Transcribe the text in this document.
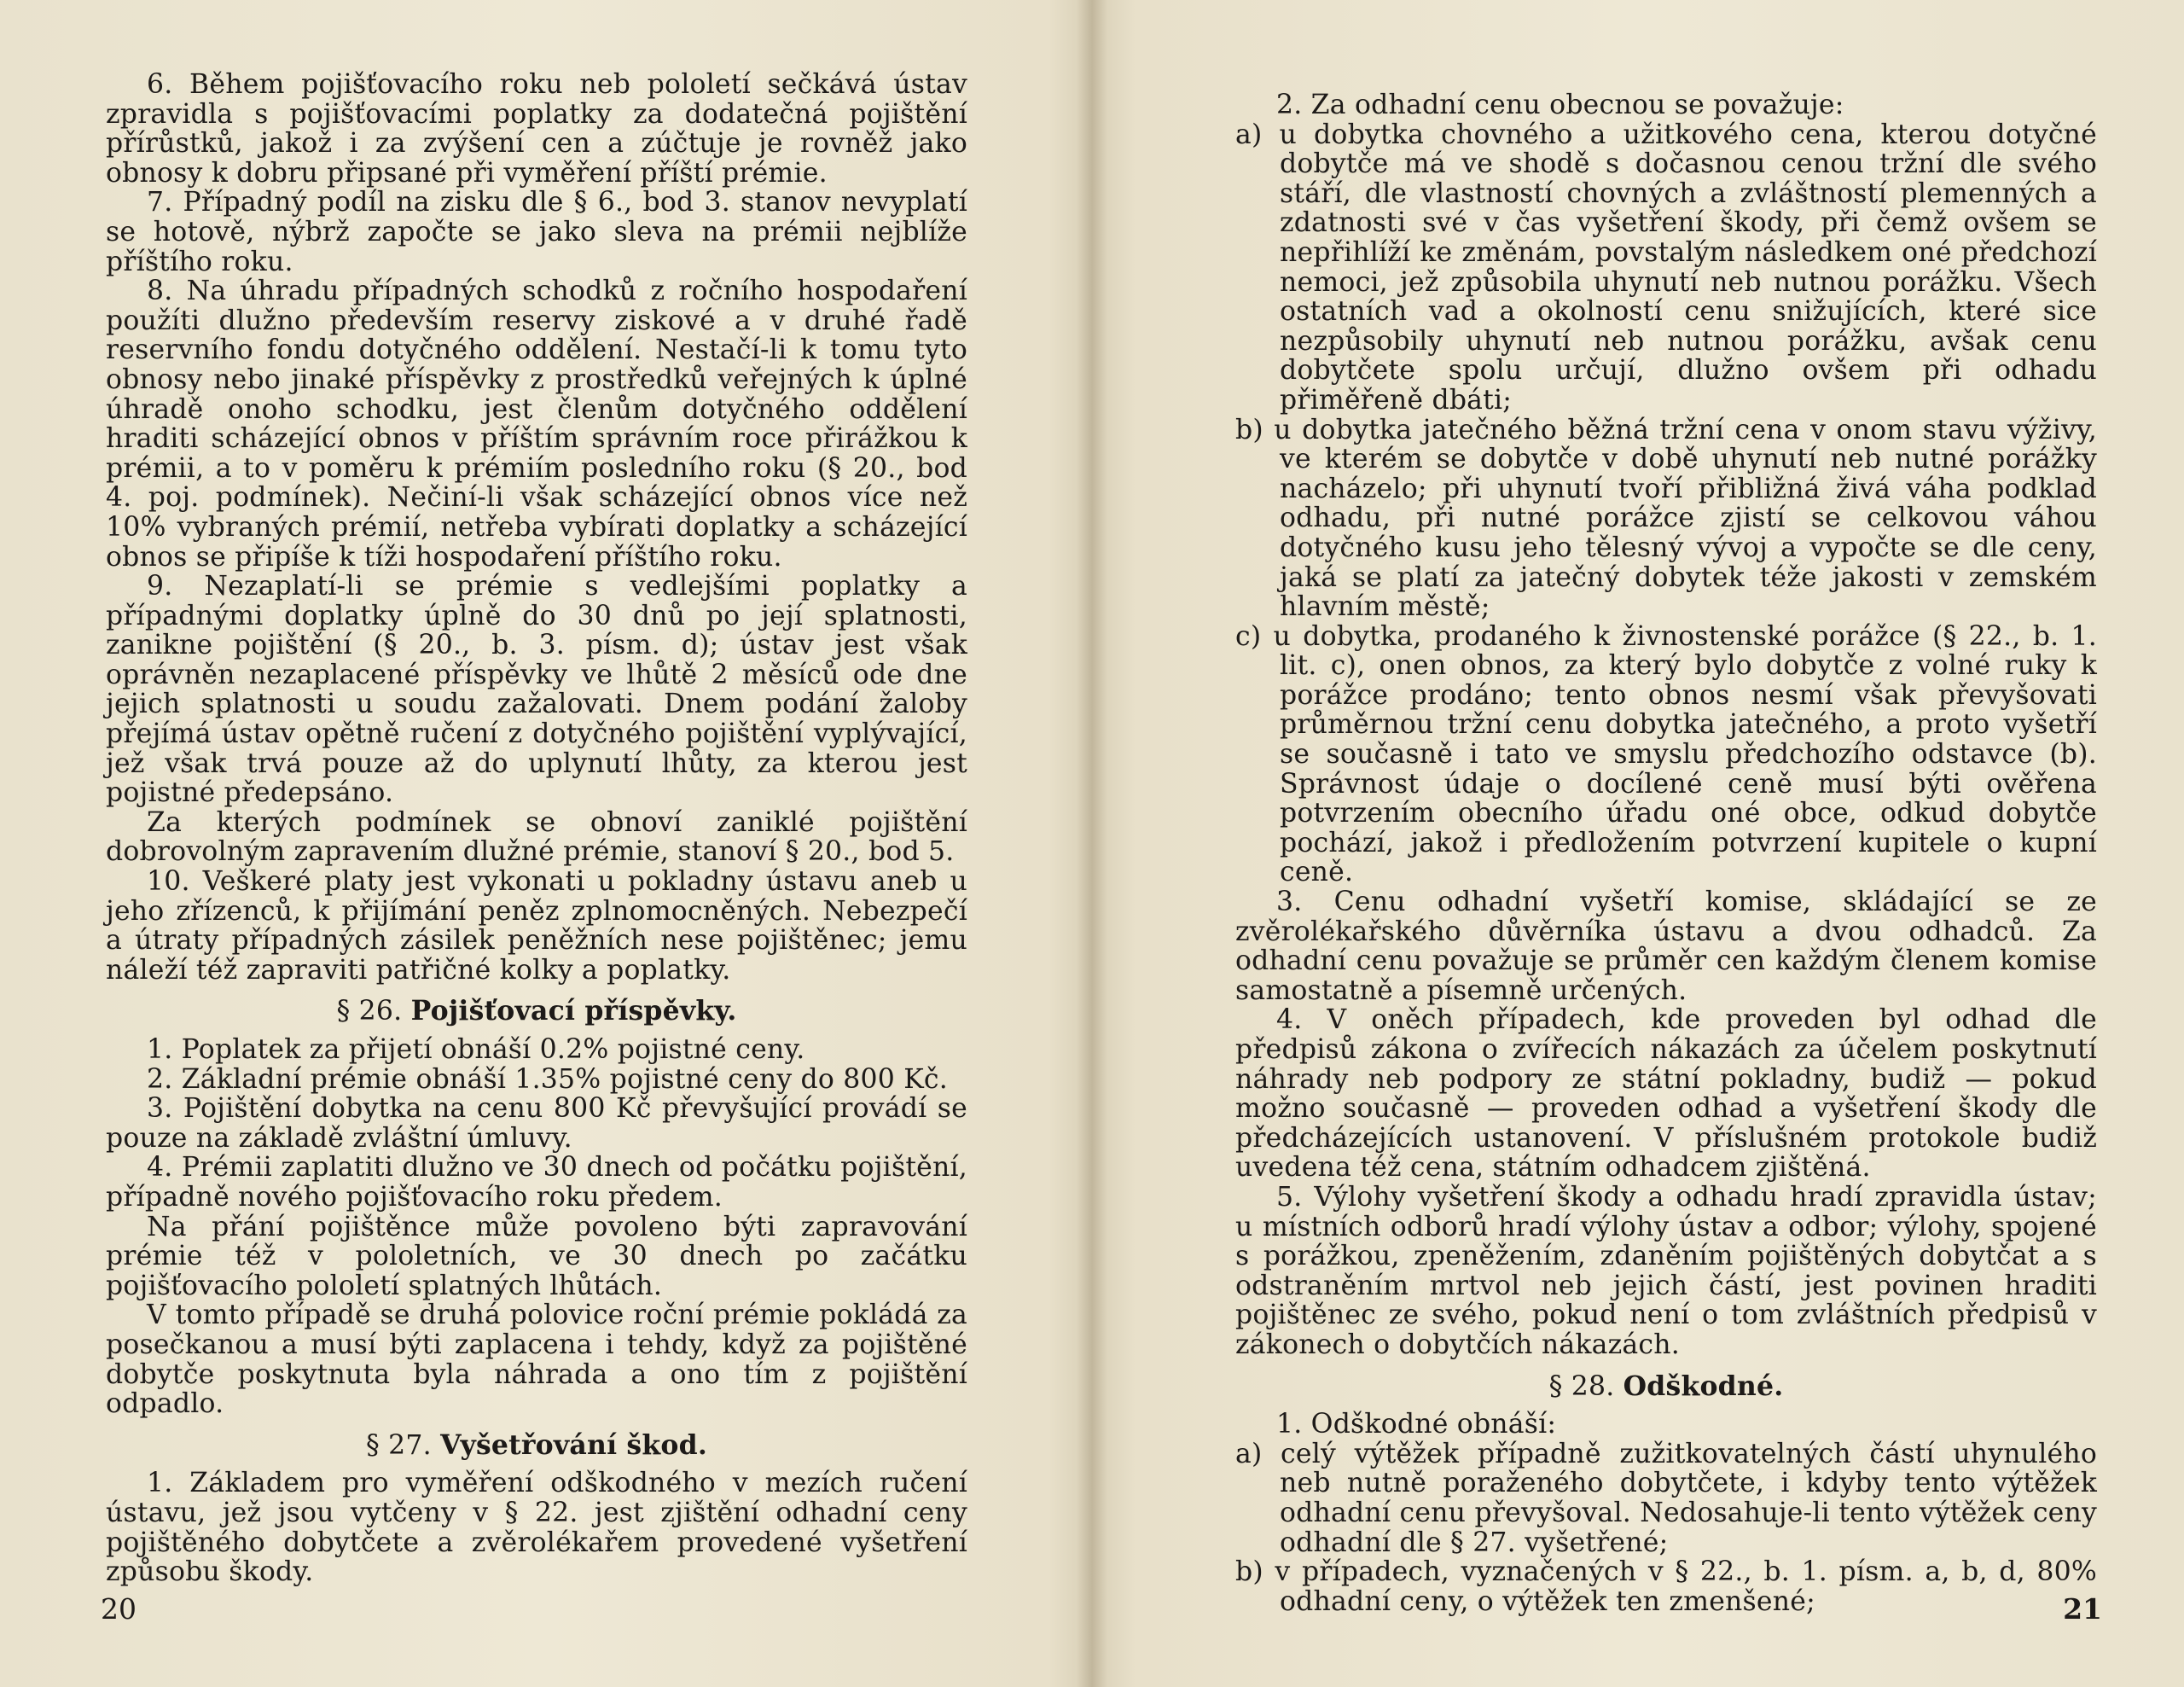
6. Během pojišťovacího roku neb pololetí sečkává ústav zpravidla s pojišťovacími poplatky za dodatečná pojištění přírůstků, jakož i za zvýšení cen a zúčtuje je rovněž jako obnosy k dobru připsané při vyměření příští prémie.

7. Případný podíl na zisku dle § 6., bod 3. stanov nevyplatí se hotově, nýbrž započte se jako sleva na prémii nejblíže příštího roku.

8. Na úhradu případných schodků z ročního hospodaření použíti dlužno především reservy ziskové a v druhé řadě reservního fondu dotyčného oddělení. Nestačí-li k tomu tyto obnosy nebo jinaké příspěvky z prostředků veřejných k úplné úhradě onoho schodku, jest členům dotyčného oddělení hraditi scházející obnos v příštím správním roce přirážkou k prémii, a to v poměru k prémiím posledního roku (§ 20., bod 4. poj. podmínek). Nečiní-li však scházející obnos více než 10% vybraných prémií, netřeba vybírati doplatky a scházející obnos se připíše k tíži hospodaření příštího roku.

9. Nezaplatí-li se prémie s vedlejšími poplatky a případnými doplatky úplně do 30 dnů po její splatnosti, zanikne pojištění (§ 20., b. 3. písm. d); ústav jest však oprávněn nezaplacené příspěvky ve lhůtě 2 měsíců ode dne jejich splatnosti u soudu zažalovati. Dnem podání žaloby přejímá ústav opětně ručení z dotyčného pojištění vyplývající, jež však trvá pouze až do uplynutí lhůty, za kterou jest pojistné předepsáno.

Za kterých podmínek se obnoví zaniklé pojištění dobrovolným zapravením dlužné prémie, stanoví § 20., bod 5.

10. Veškeré platy jest vykonati u pokladny ústavu aneb u jeho zřízenců, k přijímání peněz zplnomocněných. Nebezpečí a útraty případných zásilek peněžních nese pojištěnec; jemu náleží též zapraviti patřičné kolky a poplatky.

§ 26. Pojišťovací příspěvky.

1. Poplatek za přijetí obnáší 0.2% pojistné ceny.

2. Základní prémie obnáší 1.35% pojistné ceny do 800 Kč.

3. Pojištění dobytka na cenu 800 Kč převyšující provádí se pouze na základě zvláštní úmluvy.

4. Prémii zaplatiti dlužno ve 30 dnech od počátku pojištění, případně nového pojišťovacího roku předem.

Na přání pojištěnce může povoleno býti zapravování prémie též v pololetních, ve 30 dnech po začátku pojišťovacího pololetí splatných lhůtách.

V tomto případě se druhá polovice roční prémie pokládá za posečkanou a musí býti zaplacena i tehdy, když za pojištěné dobytče poskytnuta byla náhrada a ono tím z pojištění odpadlo.

§ 27. Vyšetřování škod.

1. Základem pro vyměření odškodného v mezích ručení ústavu, jež jsou vytčeny v § 22. jest zjištění odhadní ceny pojištěného dobytčete a zvěrolékařem provedené vyšetření způsobu škody.

20

2. Za odhadní cenu obecnou se považuje:

a) u dobytka chovného a užitkového cena, kterou dotyčné dobytče má ve shodě s dočasnou cenou tržní dle svého stáří, dle vlastností chovných a zvláštností plemenných a zdatnosti své v čas vyšetření škody, při čemž ovšem se nepřihlíží ke změnám, povstalým následkem oné předchozí nemoci, jež způsobila uhynutí neb nutnou porážku. Všech ostatních vad a okolností cenu snižujících, které sice nezpůsobily uhynutí neb nutnou porážku, avšak cenu dobytčete spolu určují, dlužno ovšem při odhadu přiměřeně dbáti;

b) u dobytka jatečného běžná tržní cena v onom stavu výživy, ve kterém se dobytče v době uhynutí neb nutné porážky nacházelo; při uhynutí tvoří přibližná živá váha podklad odhadu, při nutné porážce zjistí se celkovou váhou dotyčného kusu jeho tělesný vývoj a vypočte se dle ceny, jaká se platí za jatečný dobytek téže jakosti v zemském hlavním městě;

c) u dobytka, prodaného k živnostenské porážce (§ 22., b. 1. lit. c), onen obnos, za který bylo dobytče z volné ruky k porážce prodáno; tento obnos nesmí však převyšovati průměrnou tržní cenu dobytka jatečného, a proto vyšetří se současně i tato ve smyslu předchozího odstavce (b). Správnost údaje o docílené ceně musí býti ověřena potvrzením obecního úřadu oné obce, odkud dobytče pochází, jakož i předložením potvrzení kupitele o kupní ceně.

3. Cenu odhadní vyšetří komise, skládající se ze zvěrolékařského důvěrníka ústavu a dvou odhadců. Za odhadní cenu považuje se průměr cen každým členem komise samostatně a písemně určených.

4. V oněch případech, kde proveden byl odhad dle předpisů zákona o zvířecích nákazách za účelem poskytnutí náhrady neb podpory ze státní pokladny, budiž — pokud možno současně — proveden odhad a vyšetření škody dle předcházejících ustanovení. V příslušném protokole budiž uvedena též cena, státním odhadcem zjištěná.

5. Výlohy vyšetření škody a odhadu hradí zpravidla ústav; u místních odborů hradí výlohy ústav a odbor; výlohy, spojené s porážkou, zpeněžením, zdaněním pojištěných dobytčat a s odstraněním mrtvol neb jejich částí, jest povinen hraditi pojištěnec ze svého, pokud není o tom zvláštních předpisů v zákonech o dobytčích nákazách.

§ 28. Odškodné.

1. Odškodné obnáší:

a) celý výtěžek případně zužitkovatelných částí uhynulého neb nutně poraženého dobytčete, i kdyby tento výtěžek odhadní cenu převyšoval. Nedosahuje-li tento výtěžek ceny odhadní dle § 27. vyšetřené;

b) v případech, vyznačených v § 22., b. 1. písm. a, b, d, 80% odhadní ceny, o výtěžek ten zmenšené;	21
